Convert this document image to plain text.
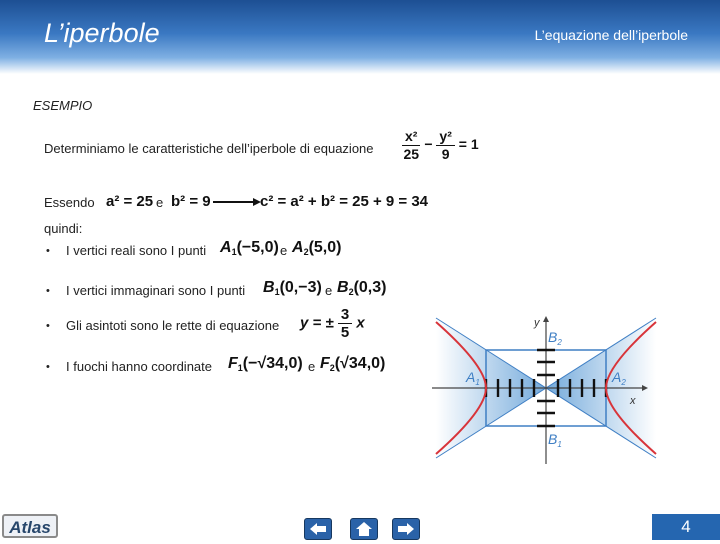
L’iperbole	L’equazione dell’iperbole
ESEMPIO
Determiniamo le caratteristiche dell’iperbole di equazione $\frac{\text{x²}}{25} - \frac{\text{y²}}{9} = 1$
Essendo a² = 25 e b² = 9	c² = a² + b² = 25 + 9 = 34
quindi:
• I vertici reali sono I punti $A_1(-5,0)$ e $A_2(5,0)$
• I vertici immaginari sono I punti $B_1(0,-3)$ e $B_2(0,3)$
• Gli asintoti sono le rette di equazione y = ± $\frac{3}{5}$ x
• I fuochi hanno coordinate $F_1(-√34,0)$ e $F_2(√34,0)$
$A_1$	$A_2$
$B_2$
$B_1$
x
y
Atlas	4
